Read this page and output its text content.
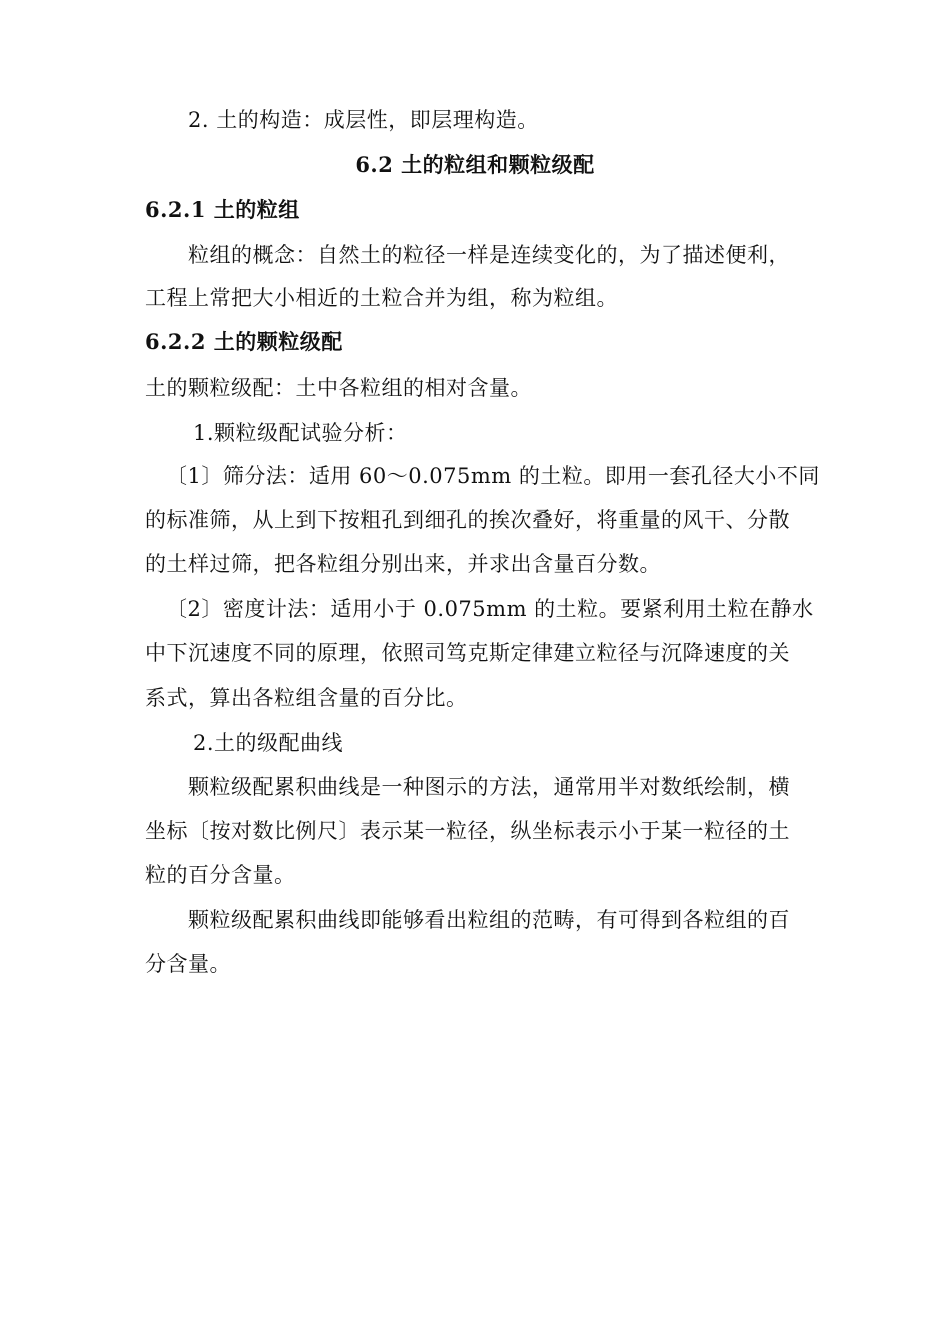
2. 土的构造：成层性，即层理构造。
6.2 土的粒组和颗粒级配
6.2.1 土的粒组
粒组的概念：自然土的粒径一样是连续变化的，为了描述便利，
工程上常把大小相近的土粒合并为组，称为粒组。
6.2.2 土的颗粒级配
土的颗粒级配：土中各粒组的相对含量。
1.颗粒级配试验分析：
〔1〕筛分法：适用 60～0.075mm 的土粒。即用一套孔径大小不同
的标准筛，从上到下按粗孔到细孔的挨次叠好，将重量的风干、分散
的土样过筛，把各粒组分别出来，并求出含量百分数。
〔2〕密度计法：适用小于 0.075mm 的土粒。要紧利用土粒在静水
中下沉速度不同的原理，依照司笃克斯定律建立粒径与沉降速度的关
系式，算出各粒组含量的百分比。
2.土的级配曲线
颗粒级配累积曲线是一种图示的方法，通常用半对数纸绘制，横
坐标〔按对数比例尺〕表示某一粒径，纵坐标表示小于某一粒径的土
粒的百分含量。
颗粒级配累积曲线即能够看出粒组的范畴，有可得到各粒组的百
分含量。
